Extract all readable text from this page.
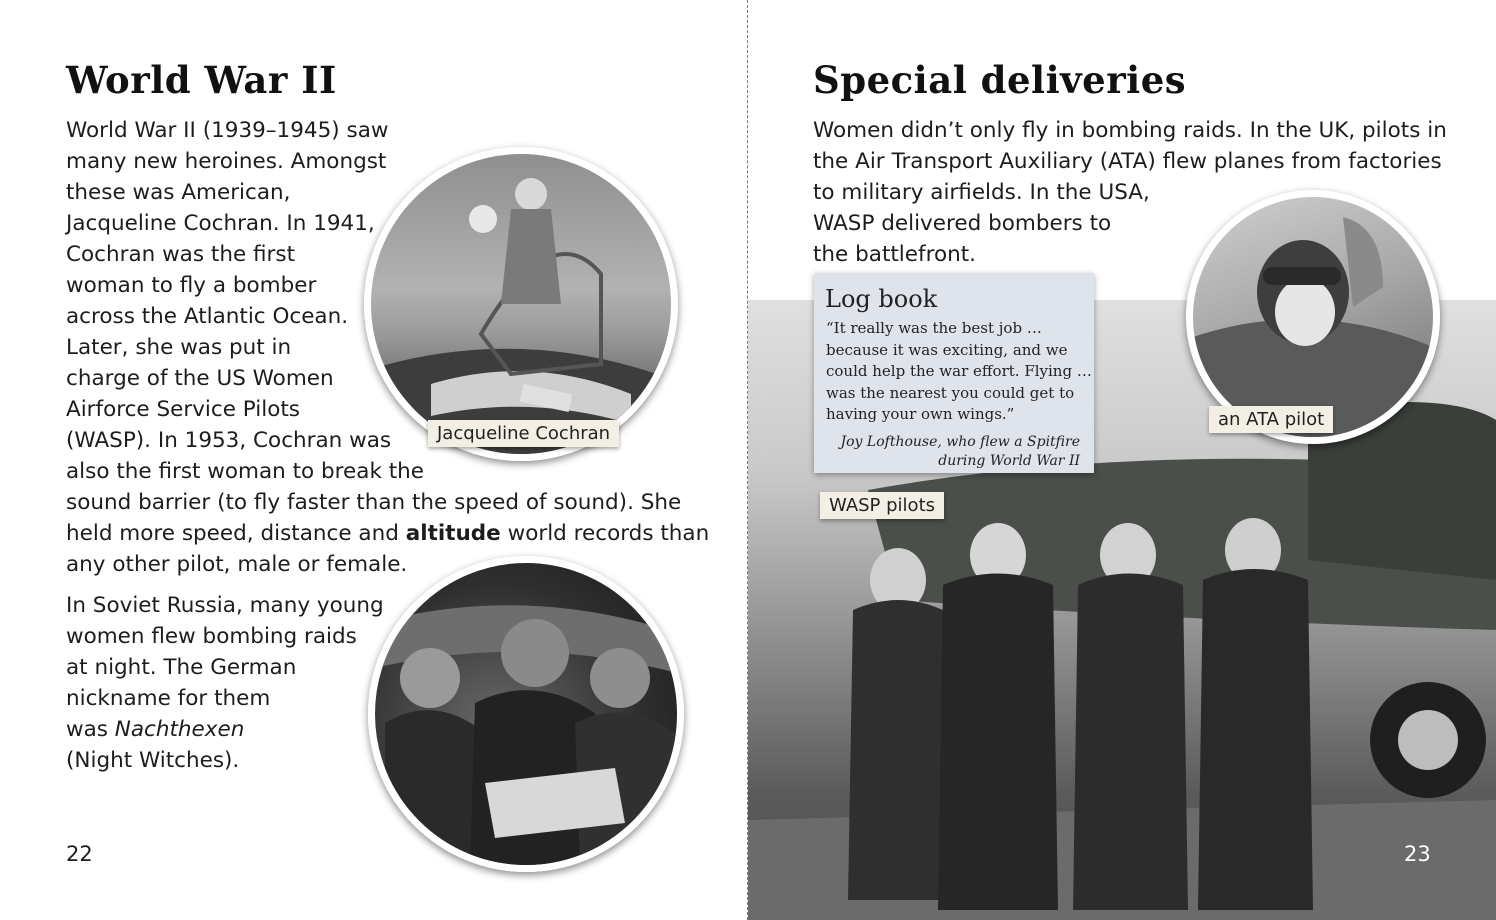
World War II
Jacqueline Cochran
World War II (1939–1945) saw
many new heroines. Amongst
these was American,
Jacqueline Cochran. In 1941,
Cochran was the first
woman to fly a bomber
across the Atlantic Ocean.
Later, she was put in
charge of the US Women
Airforce Service Pilots
(WASP). In 1953, Cochran was
also the first woman to break the
sound barrier (to fly faster than the speed of sound). She
held more speed, distance and altitude world records than
any other pilot, male or female.
In Soviet Russia, many young
women flew bombing raids
at night. The German
nickname for them
was Nachthexen
(Night Witches).
22
Special deliveries
Women didn’t only fly in bombing raids. In the UK, pilots in
the Air Transport Auxiliary (ATA) flew planes from factories
to military airfields. In the USA,
WASP delivered bombers to
the battlefront.
WASP pilots
23
Log book
“It really was the best job …
because it was exciting, and we
could help the war effort. Flying …
was the nearest you could get to
having your own wings.”
Joy Lofthouse, who flew a Spitfire
during World War II
an ATA pilot
